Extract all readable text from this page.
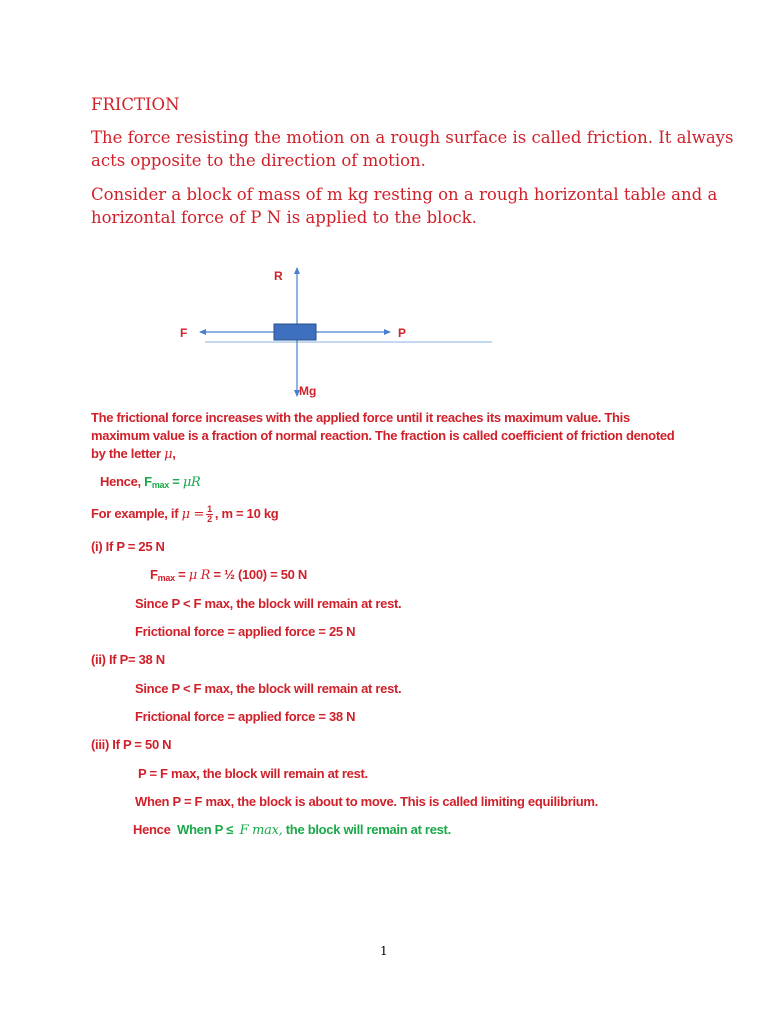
FRICTION
The force resisting the motion on a rough surface is called friction. It always
acts opposite to the direction of motion.
Consider a block of mass of m kg resting on a rough horizontal table and a
horizontal force of P N is applied to the block.
R
F	P
Mg
The frictional force increases with the applied force until it reaches its maximum value. This
maximum value is a fraction of normal reaction. The fraction is called coefficient of friction denoted
by the letter μ,
Hence, $F_{max} = \mu R$
For example, if $\mu = \frac{1}{2}$ , m = 10 kg
(i) If P = 25 N
$F_{max} = \mu$ R = ½ (100) = 50 N
Since P < F max, the block will remain at rest.
Frictional force = applied force = 25 N
(ii) If P= 38 N
Since P < F max, the block will remain at rest.
Frictional force = applied force = 38 N
(iii) If P = 50 N
P = F max, the block will remain at rest.
When P = F max, the block is about to move. This is called limiting equilibrium.
Hence When P ≤ F max, the block will remain at rest.
1
